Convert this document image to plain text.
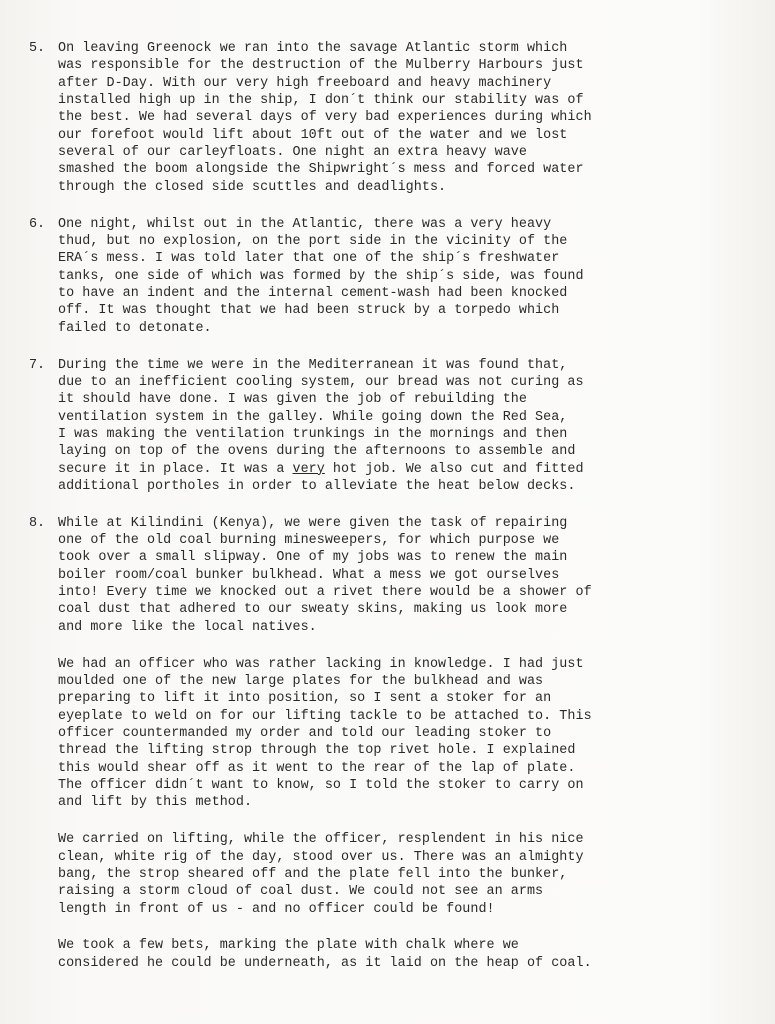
5. On leaving Greenock we ran into the savage Atlantic storm which
was responsible for the destruction of the Mulberry Harbours just
after D-Day. With our very high freeboard and heavy machinery
installed high up in the ship, I don´t think our stability was of
the best. We had several days of very bad experiences during which
our forefoot would lift about 10ft out of the water and we lost
several of our carleyfloats. One night an extra heavy wave
smashed the boom alongside the Shipwright´s mess and forced water
through the closed side scuttles and deadlights.
6. One night, whilst out in the Atlantic, there was a very heavy
thud, but no explosion, on the port side in the vicinity of the
ERA´s mess. I was told later that one of the ship´s freshwater
tanks, one side of which was formed by the ship´s side, was found
to have an indent and the internal cement-wash had been knocked
off. It was thought that we had been struck by a torpedo which
failed to detonate.
7. During the time we were in the Mediterranean it was found that,
due to an inefficient cooling system, our bread was not curing as
it should have done. I was given the job of rebuilding the
ventilation system in the galley. While going down the Red Sea,
I was making the ventilation trunkings in the mornings and then
laying on top of the ovens during the afternoons to assemble and
secure it in place. It was a very hot job. We also cut and fitted
additional portholes in order to alleviate the heat below decks.
8. While at Kilindini (Kenya), we were given the task of repairing
one of the old coal burning minesweepers, for which purpose we
took over a small slipway. One of my jobs was to renew the main
boiler room/coal bunker bulkhead. What a mess we got ourselves
into! Every time we knocked out a rivet there would be a shower of
coal dust that adhered to our sweaty skins, making us look more
and more like the local natives.
We had an officer who was rather lacking in knowledge. I had just
moulded one of the new large plates for the bulkhead and was
preparing to lift it into position, so I sent a stoker for an
eyeplate to weld on for our lifting tackle to be attached to. This
officer countermanded my order and told our leading stoker to
thread the lifting strop through the top rivet hole. I explained
this would shear off as it went to the rear of the lap of plate.
The officer didn´t want to know, so I told the stoker to carry on
and lift by this method.
We carried on lifting, while the officer, resplendent in his nice
clean, white rig of the day, stood over us. There was an almighty
bang, the strop sheared off and the plate fell into the bunker,
raising a storm cloud of coal dust. We could not see an arms
length in front of us - and no officer could be found!
We took a few bets, marking the plate with chalk where we
considered he could be underneath, as it laid on the heap of coal.
